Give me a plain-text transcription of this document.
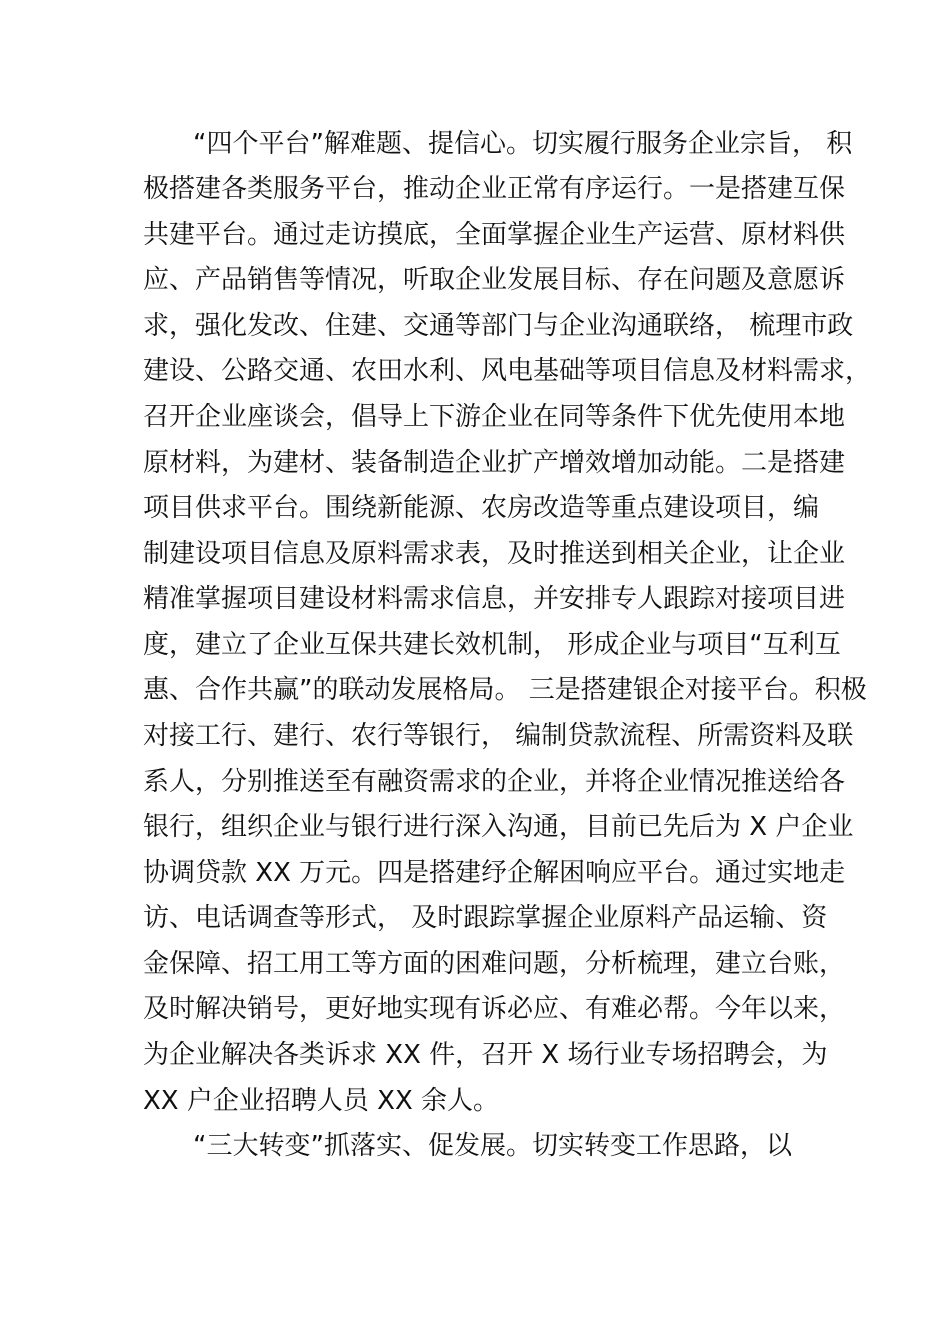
“四个平台”解难题、提信心。切实履行服务企业宗旨， 积
极搭建各类服务平台，推动企业正常有序运行。一是搭建互保
共建平台。通过走访摸底，全面掌握企业生产运营、原材料供
应、产品销售等情况，听取企业发展目标、存在问题及意愿诉
求，强化发改、住建、交通等部门与企业沟通联络， 梳理市政
建设、公路交通、农田水利、风电基础等项目信息及材料需求，
召开企业座谈会，倡导上下游企业在同等条件下优先使用本地
原材料，为建材、装备制造企业扩产增效增加动能。二是搭建
项目供求平台。围绕新能源、农房改造等重点建设项目，编
制建设项目信息及原料需求表，及时推送到相关企业，让企业
精准掌握项目建设材料需求信息，并安排专人跟踪对接项目进
度，建立了企业互保共建长效机制， 形成企业与项目“互利互
惠、合作共赢”的联动发展格局。 三是搭建银企对接平台。积极
对接工行、建行、农行等银行， 编制贷款流程、所需资料及联
系人，分别推送至有融资需求的企业，并将企业情况推送给各
银行，组织企业与银行进行深入沟通，目前已先后为 X 户企业
协调贷款 XX 万元。四是搭建纾企解困响应平台。通过实地走
访、电话调查等形式， 及时跟踪掌握企业原料产品运输、资
金保障、招工用工等方面的困难问题，分析梳理，建立台账，
及时解决销号，更好地实现有诉必应、有难必帮。今年以来，
为企业解决各类诉求 XX 件，召开 X 场行业专场招聘会，为
XX 户企业招聘人员 XX 余人。
“三大转变”抓落实、促发展。切实转变工作思路，以
